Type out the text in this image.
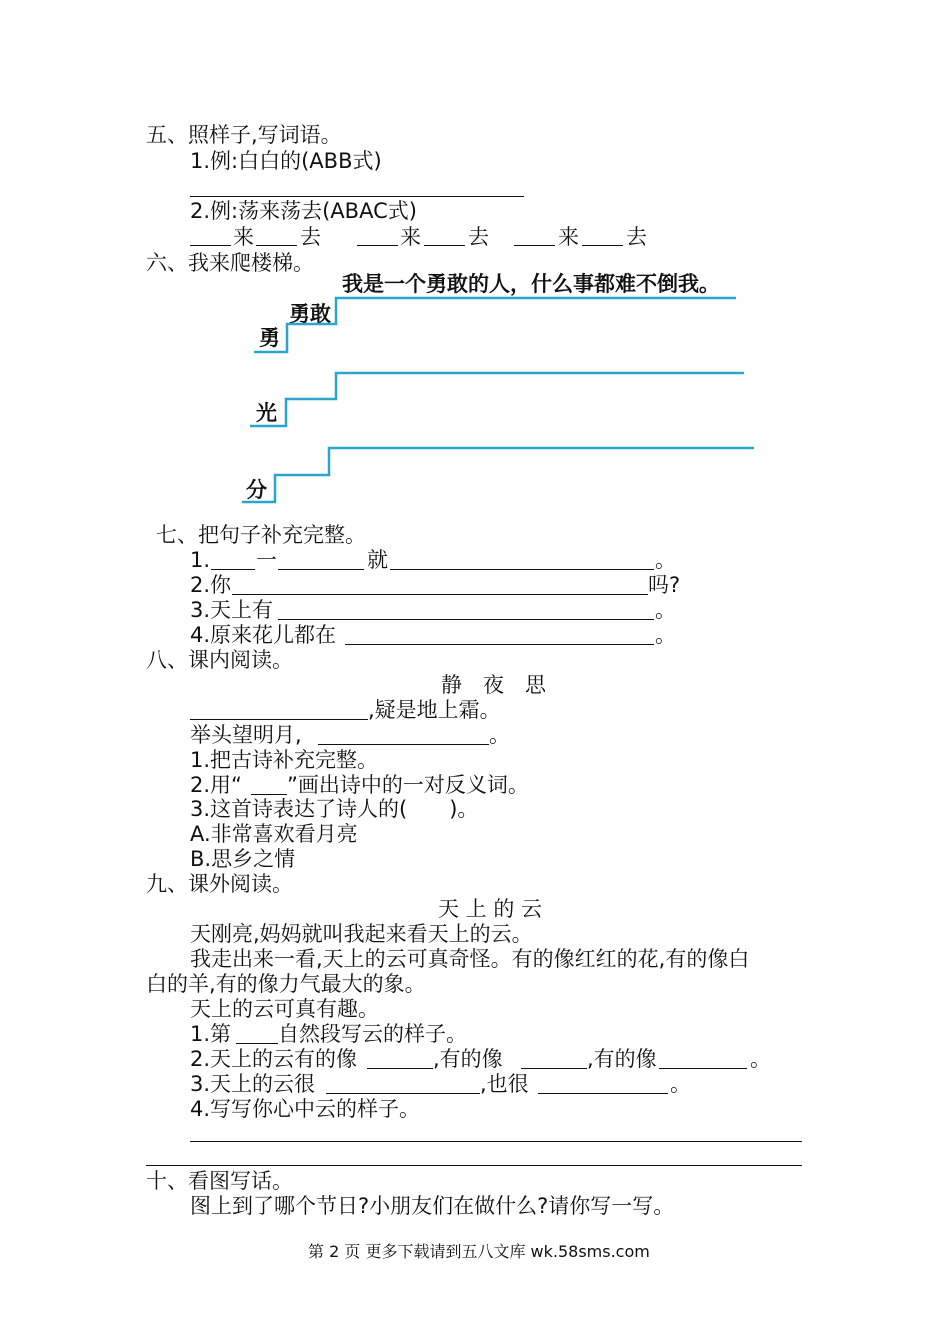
五、照样子,写词语。
1.例:白白的(ABB式)
2.例:荡来荡去(ABAC式)
来 去	来 去	来 去
六、我来爬楼梯。
我是一个勇敢的人，什么事都难不倒我。
勇敢
勇
光
分
七、把句子补充完整。
1. 一	就	。
2.你	吗?
3.天上有	。
4.原来花儿都在	。
八、课内阅读。
静　夜　思
,疑是地上霜。
举头望明月,	。
1.把古诗补充完整。
2.用“ ”画出诗中的一对反义词。
3.这首诗表达了诗人的(　　)。
A.非常喜欢看月亮
B.思乡之情
九、课外阅读。
天 上 的 云
天刚亮,妈妈就叫我起来看天上的云。
我走出来一看,天上的云可真奇怪。有的像红红的花,有的像白
白的羊,有的像力气最大的象。
天上的云可真有趣。
1.第 自然段写云的样子。
2.天上的云有的像	,有的像	,有的像	。
3.天上的云很	,也很	。
4.写写你心中云的样子。
十、看图写话。
图上到了哪个节日?小朋友们在做什么?请你写一写。
第 2 页 更多下载请到五八文库 wk.58sms.com
